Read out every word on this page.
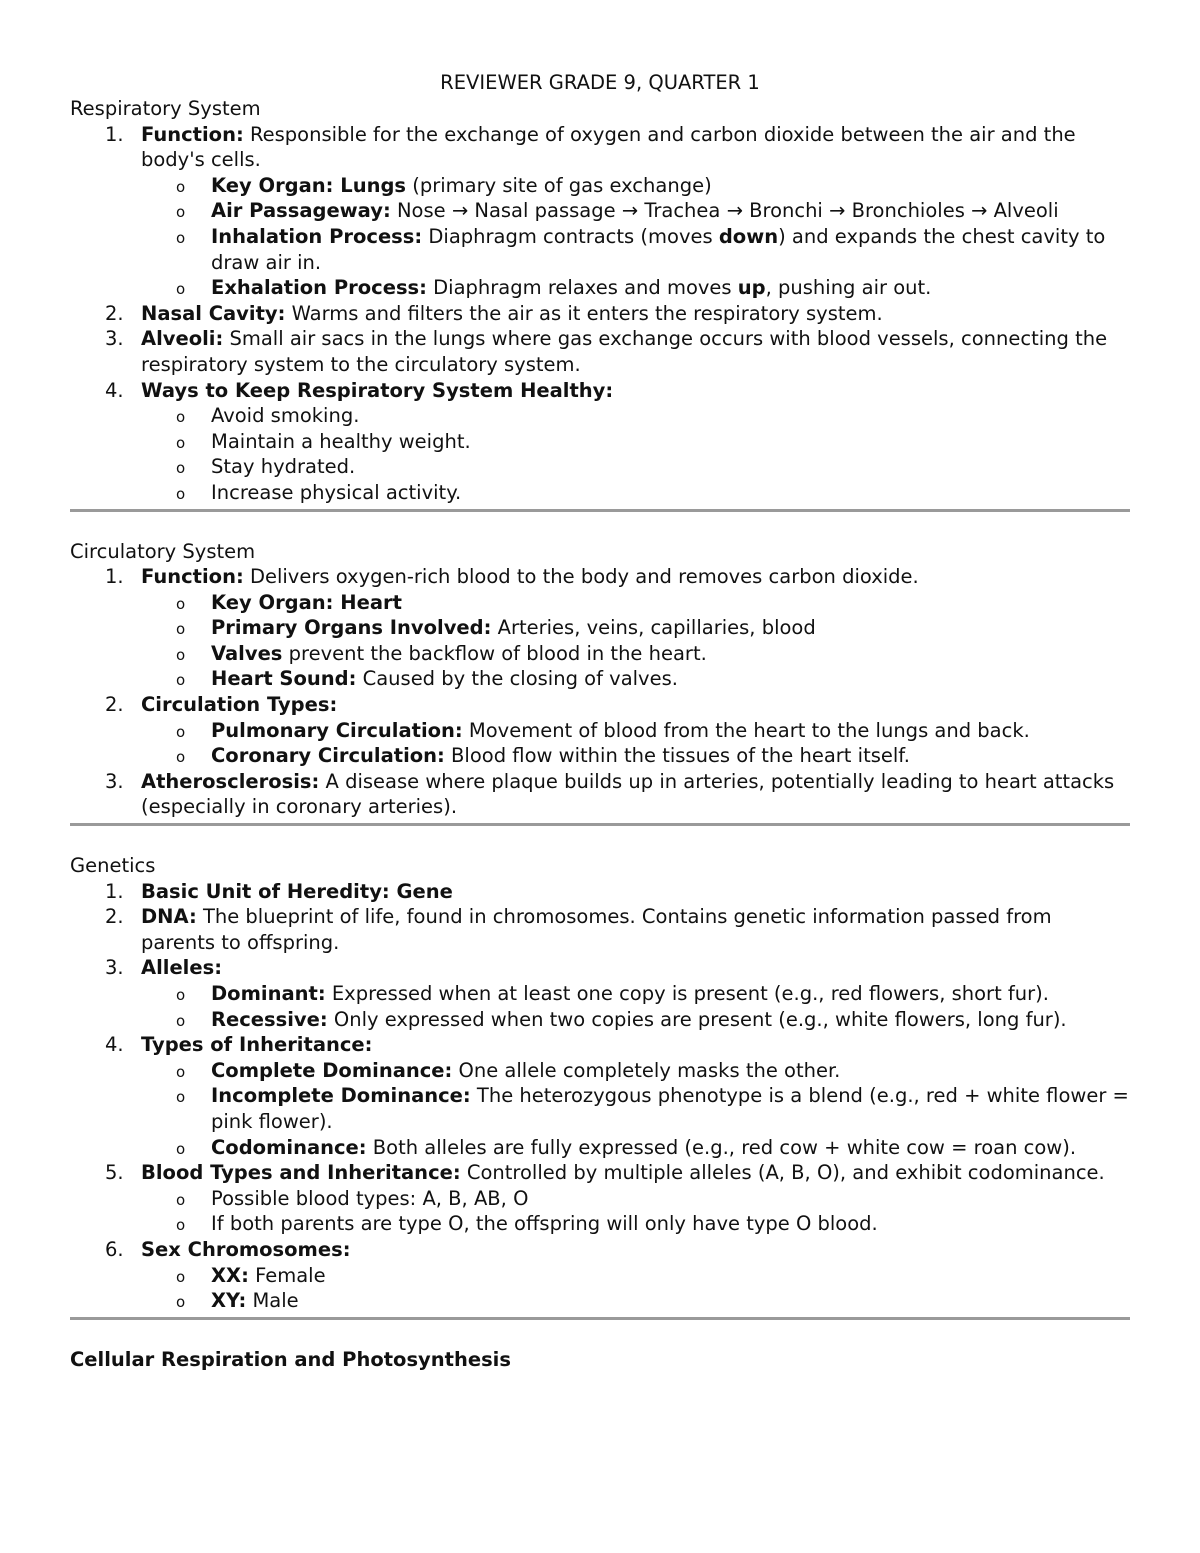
REVIEWER GRADE 9, QUARTER 1
Respiratory System
1. Function: Responsible for the exchange of oxygen and carbon dioxide between the air and the body's cells.
o Key Organ: Lungs (primary site of gas exchange)
o Air Passageway: Nose → Nasal passage → Trachea → Bronchi → Bronchioles → Alveoli
o Inhalation Process: Diaphragm contracts (moves down) and expands the chest cavity to draw air in.
o Exhalation Process: Diaphragm relaxes and moves up, pushing air out.
2. Nasal Cavity: Warms and filters the air as it enters the respiratory system.
3. Alveoli: Small air sacs in the lungs where gas exchange occurs with blood vessels, connecting the respiratory system to the circulatory system.
4. Ways to Keep Respiratory System Healthy:
o Avoid smoking.
o Maintain a healthy weight.
o Stay hydrated.
o Increase physical activity.
Circulatory System
1. Function: Delivers oxygen-rich blood to the body and removes carbon dioxide.
o Key Organ: Heart
o Primary Organs Involved: Arteries, veins, capillaries, blood
o Valves prevent the backflow of blood in the heart.
o Heart Sound: Caused by the closing of valves.
2. Circulation Types:
o Pulmonary Circulation: Movement of blood from the heart to the lungs and back.
o Coronary Circulation: Blood flow within the tissues of the heart itself.
3. Atherosclerosis: A disease where plaque builds up in arteries, potentially leading to heart attacks (especially in coronary arteries).
Genetics
1. Basic Unit of Heredity: Gene
2. DNA: The blueprint of life, found in chromosomes. Contains genetic information passed from parents to offspring.
3. Alleles:
o Dominant: Expressed when at least one copy is present (e.g., red flowers, short fur).
o Recessive: Only expressed when two copies are present (e.g., white flowers, long fur).
4. Types of Inheritance:
o Complete Dominance: One allele completely masks the other.
o Incomplete Dominance: The heterozygous phenotype is a blend (e.g., red + white flower = pink flower).
o Codominance: Both alleles are fully expressed (e.g., red cow + white cow = roan cow).
5. Blood Types and Inheritance: Controlled by multiple alleles (A, B, O), and exhibit codominance.
o Possible blood types: A, B, AB, O
o If both parents are type O, the offspring will only have type O blood.
6. Sex Chromosomes:
o XX: Female
o XY: Male
Cellular Respiration and Photosynthesis
